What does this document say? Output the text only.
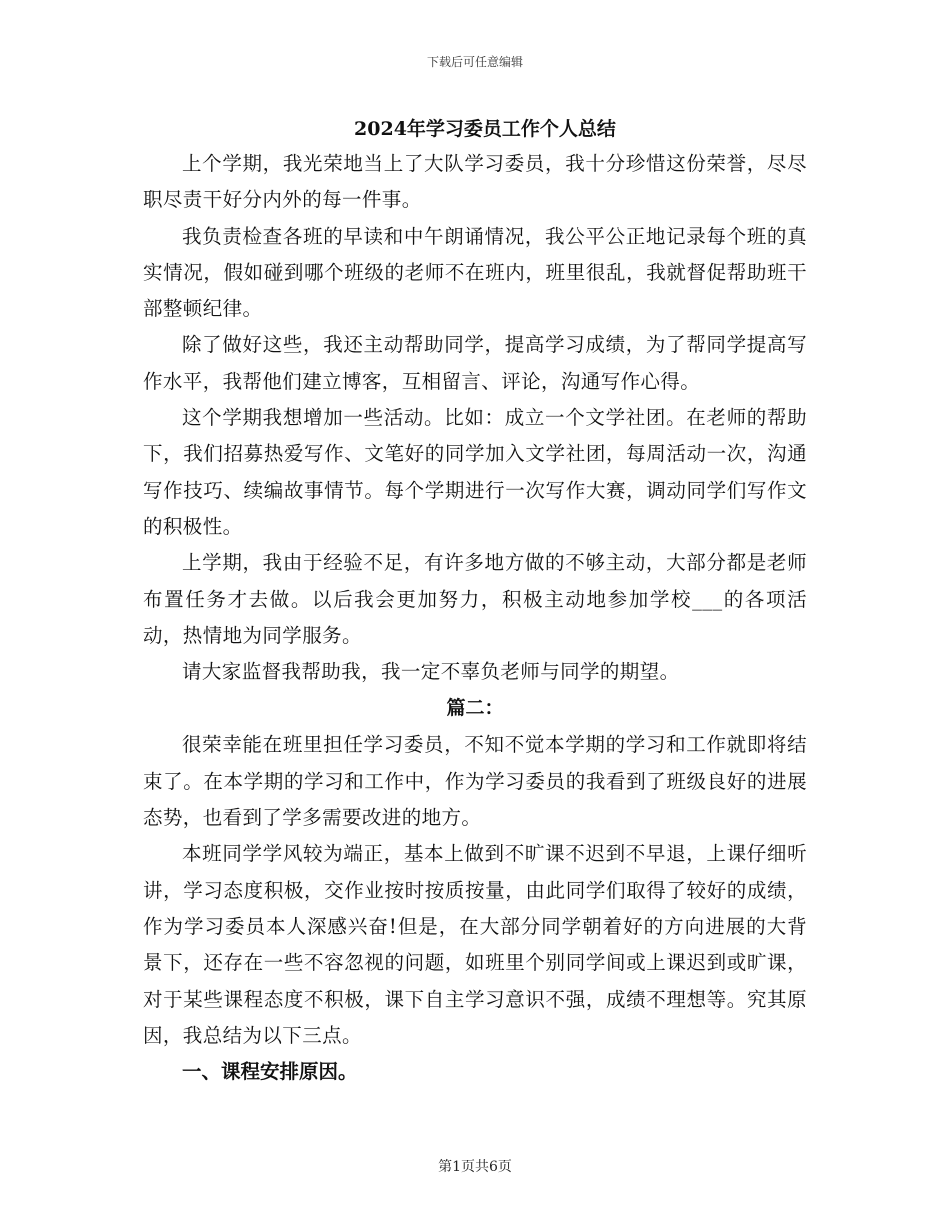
下载后可任意编辑
2024年学习委员工作个人总结

上个学期，我光荣地当上了大队学习委员，我十分珍惜这份荣誉，尽尽职尽责干好分内外的每一件事。

我负责检查各班的早读和中午朗诵情况，我公平公正地记录每个班的真实情况，假如碰到哪个班级的老师不在班内，班里很乱，我就督促帮助班干部整顿纪律。

除了做好这些，我还主动帮助同学，提高学习成绩，为了帮同学提高写作水平，我帮他们建立博客，互相留言、评论，沟通写作心得。

这个学期我想增加一些活动。比如：成立一个文学社团。在老师的帮助下，我们招募热爱写作、文笔好的同学加入文学社团，每周活动一次，沟通写作技巧、续编故事情节。每个学期进行一次写作大赛，调动同学们写作文的积极性。

上学期，我由于经验不足，有许多地方做的不够主动，大部分都是老师布置任务才去做。以后我会更加努力，积极主动地参加学校___的各项活动，热情地为同学服务。

请大家监督我帮助我，我一定不辜负老师与同学的期望。

篇二：

很荣幸能在班里担任学习委员，不知不觉本学期的学习和工作就即将结束了。在本学期的学习和工作中，作为学习委员的我看到了班级良好的进展态势，也看到了学多需要改进的地方。

本班同学学风较为端正，基本上做到不旷课不迟到不早退，上课仔细听讲，学习态度积极，交作业按时按质按量，由此同学们取得了较好的成绩，作为学习委员本人深感兴奋!但是，在大部分同学朝着好的方向进展的大背景下，还存在一些不容忽视的问题，如班里个别同学间或上课迟到或旷课，对于某些课程态度不积极，课下自主学习意识不强，成绩不理想等。究其原因，我总结为以下三点。

一、课程安排原因。

第1页共6页
